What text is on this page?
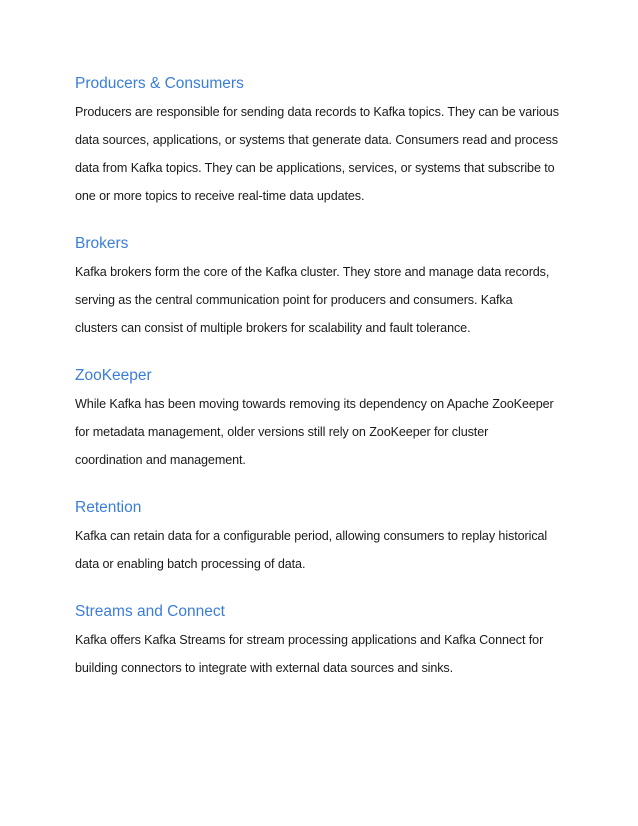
Producers & Consumers
Producers are responsible for sending data records to Kafka topics. They can be various
data sources, applications, or systems that generate data. Consumers read and process
data from Kafka topics. They can be applications, services, or systems that subscribe to
one or more topics to receive real-time data updates.
Brokers
Kafka brokers form the core of the Kafka cluster. They store and manage data records,
serving as the central communication point for producers and consumers. Kafka
clusters can consist of multiple brokers for scalability and fault tolerance.
ZooKeeper
While Kafka has been moving towards removing its dependency on Apache ZooKeeper
for metadata management, older versions still rely on ZooKeeper for cluster
coordination and management.
Retention
Kafka can retain data for a configurable period, allowing consumers to replay historical
data or enabling batch processing of data.
Streams and Connect
Kafka offers Kafka Streams for stream processing applications and Kafka Connect for
building connectors to integrate with external data sources and sinks.
